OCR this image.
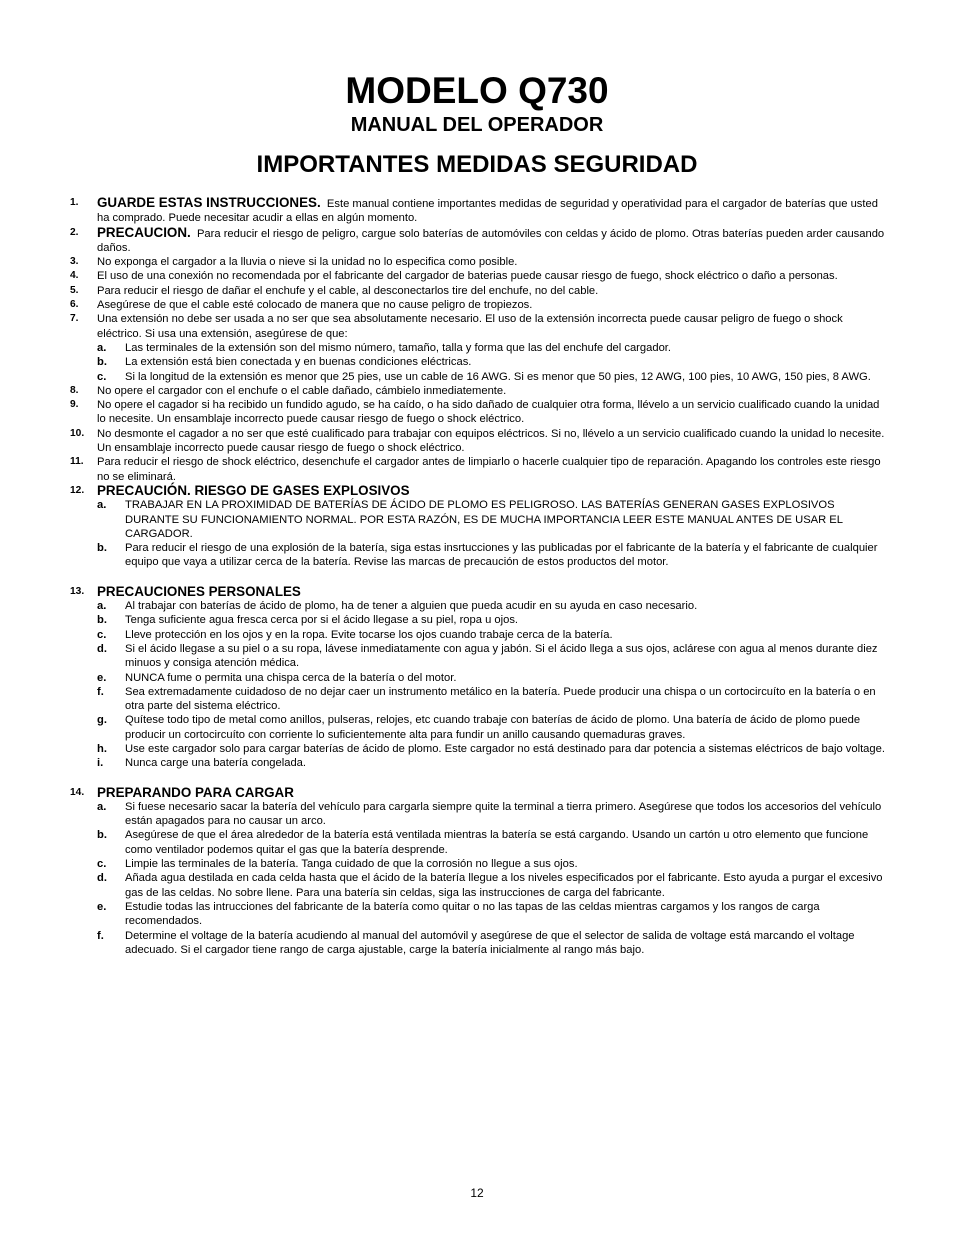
MODELO Q730
MANUAL DEL OPERADOR
IMPORTANTES MEDIDAS SEGURIDAD
1.	GUARDE ESTAS INSTRUCCIONES. Este manual contiene importantes medidas de seguridad y operatividad para el cargador de baterías que usted ha comprado. Puede necesitar acudir a ellas en algún momento.
2.	PRECAUCION. Para reducir el riesgo de peligro, cargue solo baterías de automóviles con celdas y ácido de plomo. Otras baterías pueden arder causando daños.
3.	No exponga el cargador a la lluvia o nieve si la unidad no lo especifica como posible.
4.	El uso de una conexión no recomendada por el fabricante del cargador de baterias puede causar riesgo de fuego, shock eléctrico o daño a personas.
5.	Para reducir el riesgo de dañar el enchufe y el cable, al desconectarlos tire del enchufe, no del cable.
6.	Asegúrese de que el cable esté colocado de manera que no cause peligro de tropiezos.
7.	Una extensión no debe ser usada a no ser que sea absolutamente necesario. El uso de la extensión incorrecta puede causar peligro de fuego o shock eléctrico. Si usa una extensión, asegúrese de que:
a.	Las terminales de la extensión son del mismo número, tamaño, talla y forma que las del enchufe del cargador.
b.	La extensión está bien conectada y en buenas condiciones eléctricas.
c.	Si la longitud de la extensión es menor que 25 pies, use un cable de 16 AWG. Si es menor que 50 pies, 12 AWG, 100 pies, 10 AWG, 150 pies, 8 AWG.
8.	No opere el cargador con el enchufe o el cable dañado, cámbielo inmediatemente.
9.	No opere el cagador si ha recibido un fundido agudo, se ha caído, o ha sido dañado de cualquier otra forma, llévelo a un servicio cualificado cuando la unidad lo necesite. Un ensamblaje incorrecto puede causar riesgo de fuego o shock eléctrico.
10.	No desmonte el cagador a no ser que esté cualificado para trabajar con equipos eléctricos. Si no, llévelo a un servicio cualificado cuando la unidad lo necesite. Un ensamblaje incorrecto puede causar riesgo de fuego o shock eléctrico.
11.	Para reducir el riesgo de shock eléctrico, desenchufe el cargador antes de limpiarlo o hacerle cualquier tipo de reparación. Apagando los controles este riesgo no se eliminará.
12. PRECAUCIÓN. RIESGO DE GASES EXPLOSIVOS
a.	TRABAJAR EN LA PROXIMIDAD DE BATERÍAS DE ÁCIDO DE PLOMO ES PELIGROSO. LAS BATERÍAS GENERAN GASES EXPLOSIVOS DURANTE SU FUNCIONAMIENTO NORMAL. POR ESTA RAZÓN, ES DE MUCHA IMPORTANCIA LEER ESTE MANUAL ANTES DE USAR EL CARGADOR.
b.	Para reducir el riesgo de una explosión de la batería, siga estas insrtucciones y las publicadas por el fabricante de la batería y el fabricante de cualquier equipo que vaya a utilizar cerca de la batería. Revise las marcas de precaución de estos productos del motor.
13. PRECAUCIONES PERSONALES
a.	Al trabajar con baterías de ácido de plomo, ha de tener a alguien que pueda acudir en su ayuda en caso necesario.
b.	Tenga suficiente agua fresca cerca por si el ácido llegase a su piel, ropa u ojos.
c.	Lleve protección en los ojos y en la ropa. Evite tocarse los ojos cuando trabaje cerca de la batería.
d.	Si el ácido llegase a su piel o a su ropa, lávese inmediatamente con agua y jabón. Si el ácido llega a sus ojos, aclárese con agua al menos durante diez minuos y consiga atención médica.
e.	NUNCA fume o permita una chispa cerca de la batería o del motor.
f.	Sea extremadamente cuidadoso de no dejar caer un instrumento metálico en la batería. Puede producir una chispa o un cortocircuíto en la batería o en otra parte del sistema eléctrico.
g.	Quítese todo tipo de metal como anillos, pulseras, relojes, etc cuando trabaje con baterías de ácido de plomo. Una batería de ácido de plomo puede producir un cortocircuíto con corriente lo suficientemente alta para fundir un anillo causando quemaduras graves.
h.	Use este cargador solo para cargar baterías de ácido de plomo. Este cargador no está destinado para dar potencia a sistemas eléctricos de bajo voltage.
i.	Nunca carge una batería congelada.
14. PREPARANDO PARA CARGAR
a.	Si fuese necesario sacar la batería del vehículo para cargarla siempre quite la terminal a tierra primero. Asegúrese que todos los accesorios del vehículo están apagados para no causar un arco.
b.	Asegúrese de que el área alrededor de la batería está ventilada mientras la batería se está cargando. Usando un cartón u otro elemento que funcione como ventilador podemos quitar el gas que la batería desprende.
c.	Limpie las terminales de la batería. Tanga cuidado de que la corrosión no llegue a sus ojos.
d.	Añada agua destilada en cada celda hasta que el ácido de la batería llegue a los niveles especificados por el fabricante. Esto ayuda a purgar el excesivo gas de las celdas. No sobre llene. Para una batería sin celdas, siga las instrucciones de carga del fabricante.
e.	Estudie todas las intrucciones del fabricante de la batería como quitar o no las tapas de las celdas mientras cargamos y los rangos de carga recomendados.
f.	Determine el voltage de la batería acudiendo al manual del automóvil y asegúrese de que el selector de salida de voltage está marcando el voltage adecuado. Si el cargador tiene rango de carga ajustable, carge la batería inicialmente al rango más bajo.
12
